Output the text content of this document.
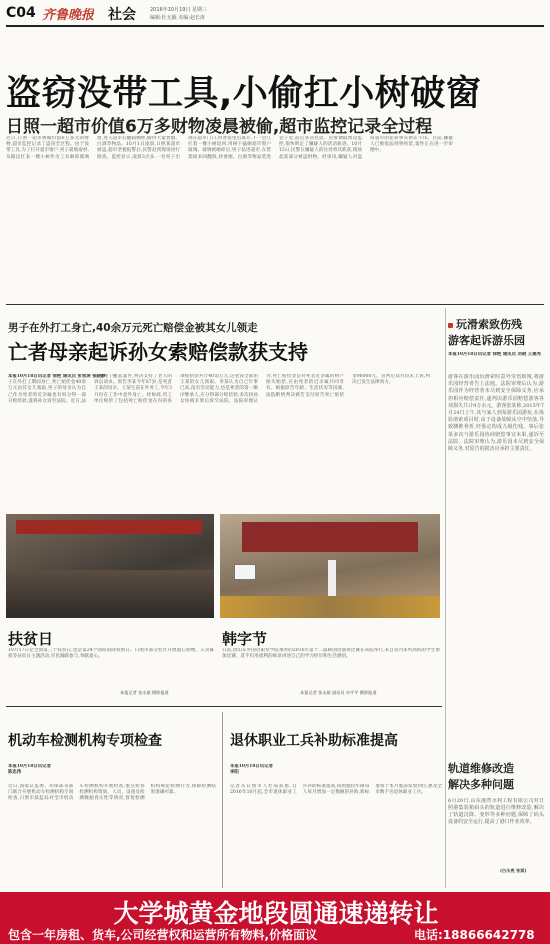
C04 齐鲁晚报 社会	2016年10月19日 星期三
编辑:杜无颖 美编:赵长涛
盗窃没带工具,小偷扛小树破窗
日照一超市价值6万多财物凌晨被偷,超市监控记录全过程
近日,日照一超市被偷价值6万多元的财物,超市监控记录了盗窃全过程。由于没带工具,为了打开超市窗户,男子就地取材,从路边扛来一棵小树作为工具砸碎玻璃窗,进入超市后翻箱倒柜,偷得大量香烟、白酒等物品。10月1日凌晨,日照某超市被盗,超市老板报警后,民警赶到现场进行勘查。监控显示,凌晨3点多,一名男子出现在超市门口,四处张望后离开,不一会儿扛着一棵小树返回,用树干猛砸超市窗户玻璃。玻璃被砸碎后,男子钻进超市,在货架间来回翻找,将香烟、白酒等物品装进袋子里,前后多次往返。民警调取周边监控,很快锁定了嫌疑人的活动轨迹。10月15日,民警在嫌疑人的住处将其抓获,现场起获部分被盗财物。经审讯,嫌疑人对盗窃超市的犯罪事实供认不讳。目前,嫌疑人已被依法刑事拘留,案件正在进一步审理中。
男子在外打工身亡,40余万元死亡赔偿金被其女儿领走
亡者母亲起诉孙女索赔偿款获支持
本报10月18日讯记者 徐艳 通讯员 张雪涛 张晓静	男子在外打工期间身亡,死亡赔偿金40余万元由其女儿领取,男子的母亲认为自己作为死者的近亲属也有权分得一部分赔偿款,遂将孙女诉至法院。近日,法院审理了这起案件,判决支持了老人的诉讼请求。原告李某今年87岁,是死者王某的母亲。王某生前在外务工,今年3月份在工作中意外身亡。经协商,用工单位赔偿了包括死亡赔偿金在内的各项赔偿款共计40余万元,这笔钱全部由王某的女儿领取。李某认为自己年事已高,没有劳动能力,也是死者的第一顺序继承人,应分得部分赔偿款,多次找孙女协商未果后诉至法院。法院审理认为,死亡赔偿金是对死者近亲属的财产损失赔偿,应由死者的近亲属共同享有。根据原告年龄、生活状况等因素,法院酌情判决被告支付原告死亡赔偿金98000元。宣判后双方均未上诉,判决已发生法律效力。
扶贫日
10月17日是全国第三个扶贫日,也是第24个国际消除贫困日。日照市部分社区开展爱心捐赠、义卖募捐等扶贫日主题活动,市民踊跃参与,奉献爱心。
本报记者 张永斌 摄影报道
韩字节
日前,由山东外国语职业学院承办的2016年第十二届韩国语演讲比赛在该院举行,来自省内多所高校的学生参加比赛。选手们用流利的韩语讲述自己的学习经历和生活感悟。
本报记者 张永斌 通讯员 申平平 摄影报道
机动车检测机构专项检查
本报10月18日讯记者 陈忠伟
近日,国家认监委、环保部等部门联合开展机动车检测机构专项检查,日照市质监局对全市机动车检测机构开展检查,重点检查检测机构资质、人员、设备及检测数据真实性等情况,督促检测机构规范检测行为,保障检测结果准确可靠。
退休职业工兵补助标准提高
本报10月18日讯记者 李阳
记者从日照市人社局获悉,自2016年10月起,全市退休职业工兵补助标准提高,按照服役年限每人每月增加一定数额的补助,新标准将于本月底前发放到位,惠及全市数千名退休职业工兵。
玩滑索致伤残
游客起诉游乐园
本报10月18日讯记者 徐艳 通讯员 刘晓 王建秀
游客在游乐园玩滑索时意外受伤致残,将游乐园经营者告上法庭。法院审理后认为,游乐园作为经营者未尽到安全保障义务,应承担相应赔偿责任,遂判决游乐园赔偿游客各项损失共计9万余元。游客张某称,2015年7月24日上午,其与家人到某游乐园游玩,在体验滑索项目时,由于设备故障从空中坠落,导致腰椎骨折,经鉴定构成九级伤残。事后张某多次与游乐园协商赔偿事宜未果,遂诉至法院。法院审理认为,游乐园未尽到安全保障义务,对原告的损害应承担主要责任。
轨道维修改造
解决多种问题
6月20日,山东港湾水利工程有限公司对日照港集装箱码头的轨道进行维修改造,解决了轨道沉降、变形等多种问题,保障了码头设备的安全运行,提高了港口作业效率。
(白永亮 张斌)
大学城黄金地段圆通速递转让
包含一年房租、货车,公司经营权和运营所有物料,价格面议	电话:18866642778
